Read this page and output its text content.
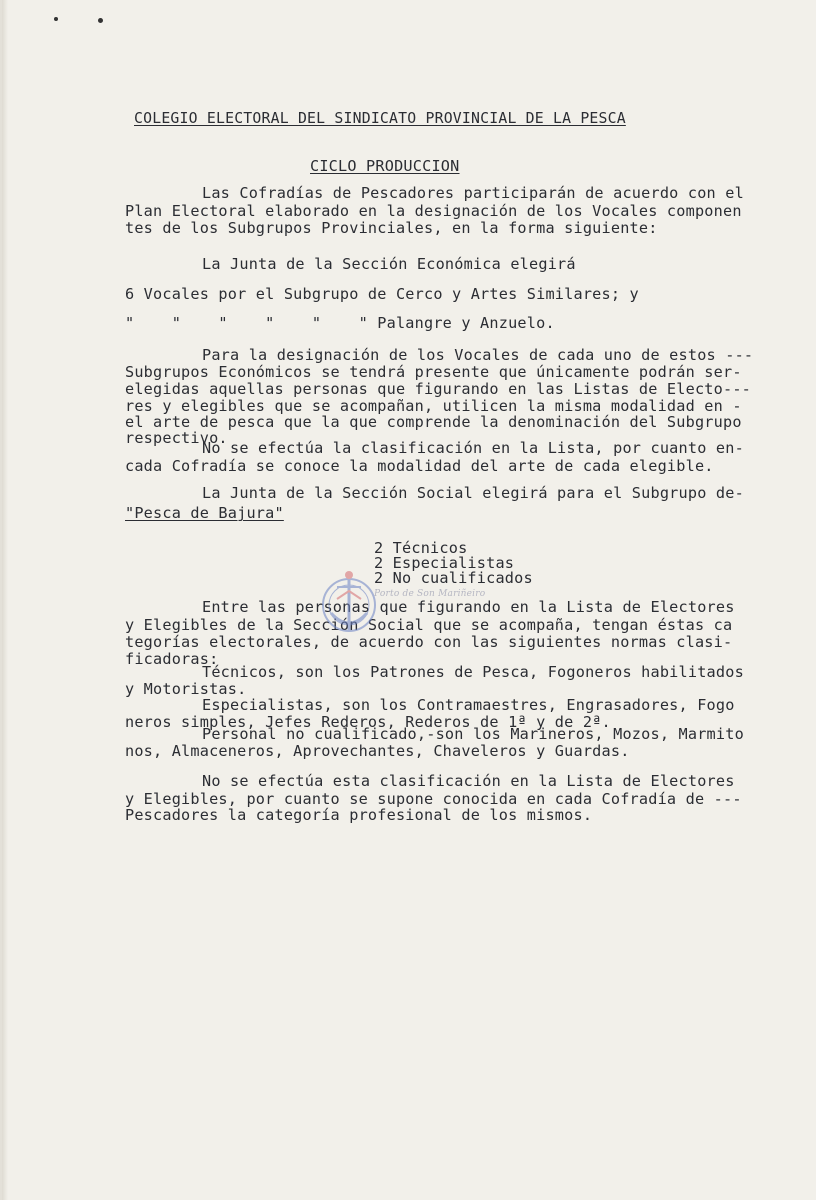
COLEGIO ELECTORAL DEL SINDICATO PROVINCIAL DE LA PESCA
CICLO PRODUCCION
Las Cofradías de Pescadores participarán de acuerdo con el
Plan Electoral elaborado en la designación de los Vocales componen
tes de los Subgrupos Provinciales, en la forma siguiente:
La Junta de la Sección Económica elegirá
6 Vocales por el Subgrupo de Cerco y Artes Similares; y
"    "    "    "    "    " Palangre y Anzuelo.
Para la designación de los Vocales de cada uno de estos ---
Subgrupos Económicos se tendrá presente que únicamente podrán ser-
elegidas aquellas personas que figurando en las Listas de Electo---
res y elegibles que se acompañan, utilicen la misma modalidad en -
el arte de pesca que la que comprende la denominación del Subgrupo
respectivo.
No se efectúa la clasificación en la Lista, por cuanto en-
cada Cofradía se conoce la modalidad del arte de cada elegible.
La Junta de la Sección Social elegirá para el Subgrupo de-
"Pesca de Bajura"
2 Técnicos
2 Especialistas
2 No cualificados
Entre las personas que figurando en la Lista de Electores
y Elegibles de la Sección Social que se acompaña, tengan éstas ca
tegorías electorales, de acuerdo con las siguientes normas clasi-
ficadoras:
Técnicos, son los Patrones de Pesca, Fogoneros habilitados
y Motoristas.
Especialistas, son los Contramaestres, Engrasadores, Fogo
neros simples, Jefes Rederos, Rederos de 1ª y de 2ª.
Personal no cualificado,-son los Marineros, Mozos, Marmito
nos, Almaceneros, Aprovechantes, Chaveleros y Guardas.
No se efectúa esta clasificación en la Lista de Electores
y Elegibles, por cuanto se supone conocida en cada Cofradía de ---
Pescadores la categoría profesional de los mismos.
Porto de Son Mariñeiro
